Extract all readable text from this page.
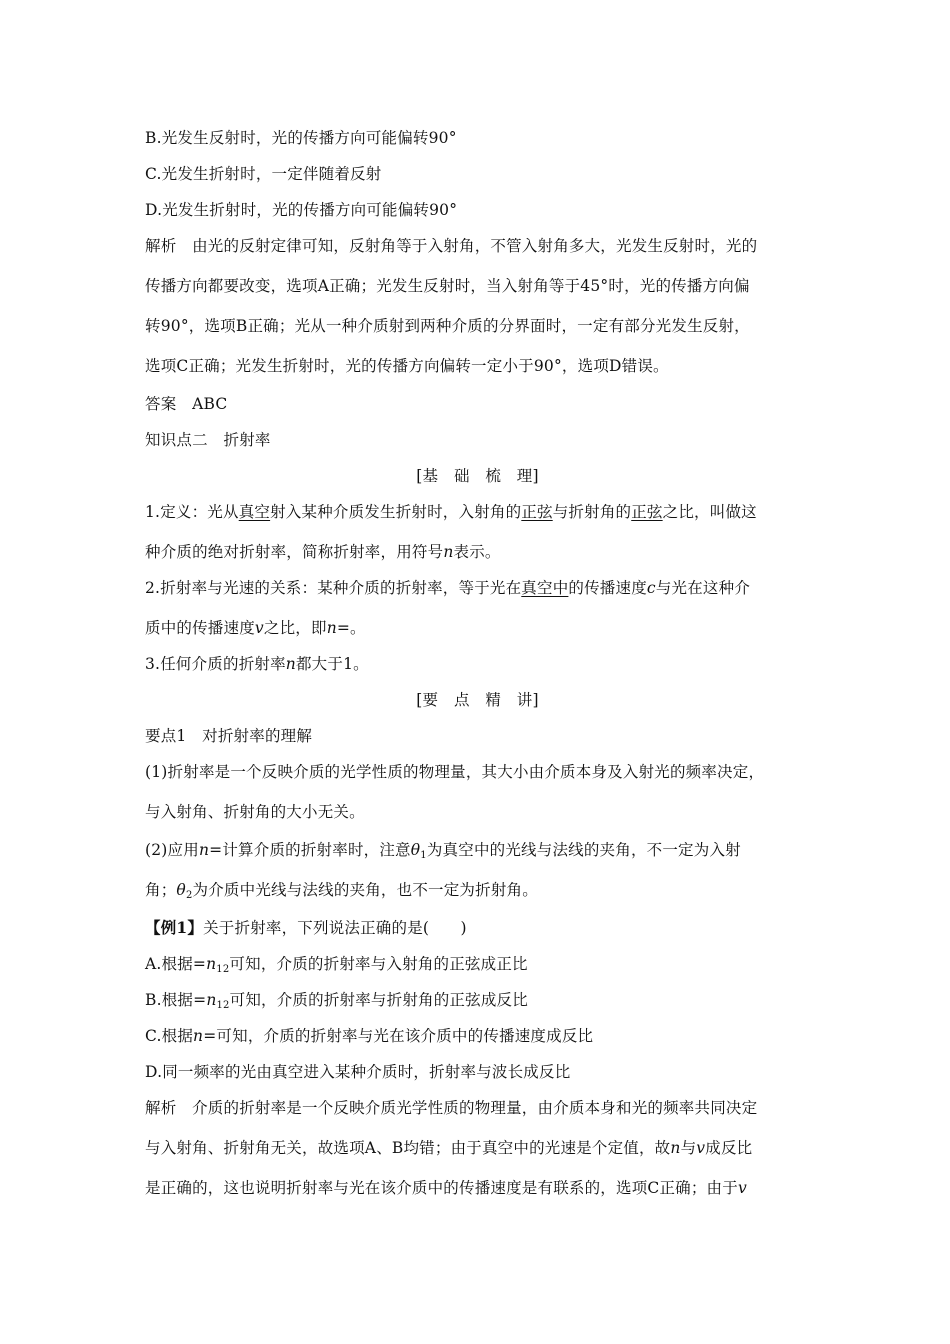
B.光发生反射时，光的传播方向可能偏转90°
C.光发生折射时，一定伴随着反射
D.光发生折射时，光的传播方向可能偏转90°
解析　由光的反射定律可知，反射角等于入射角，不管入射角多大，光发生反射时，光的
传播方向都要改变，选项A正确；光发生反射时，当入射角等于45°时，光的传播方向偏
转90°，选项B正确；光从一种介质射到两种介质的分界面时，一定有部分光发生反射，
选项C正确；光发生折射时，光的传播方向偏转一定小于90°，选项D错误。
答案　ABC
知识点二　折射率
[基　础　梳　理]
1.定义：光从真空射入某种介质发生折射时，入射角的正弦与折射角的正弦之比，叫做这
种介质的绝对折射率，简称折射率，用符号n表示。
2.折射率与光速的关系：某种介质的折射率，等于光在真空中的传播速度c与光在这种介
质中的传播速度v之比，即n=。
3.任何介质的折射率n都大于1。
[要　点　精　讲]
要点1　对折射率的理解
(1)折射率是一个反映介质的光学性质的物理量，其大小由介质本身及入射光的频率决定，
与入射角、折射角的大小无关。
(2)应用n=计算介质的折射率时，注意$\theta_1$为真空中的光线与法线的夹角，不一定为入射
角；$\theta_2$为介质中光线与法线的夹角，也不一定为折射角。
【例1】关于折射率，下列说法正确的是(　　)
A.根据$=n_{12}$可知，介质的折射率与入射角的正弦成正比
B.根据$=n_{12}$可知，介质的折射率与折射角的正弦成反比
C.根据n=可知，介质的折射率与光在该介质中的传播速度成反比
D.同一频率的光由真空进入某种介质时，折射率与波长成反比
解析　介质的折射率是一个反映介质光学性质的物理量，由介质本身和光的频率共同决定
与入射角、折射角无关，故选项A、B均错；由于真空中的光速是个定值，故n与v成反比
是正确的，这也说明折射率与光在该介质中的传播速度是有联系的，选项C正确；由于v
